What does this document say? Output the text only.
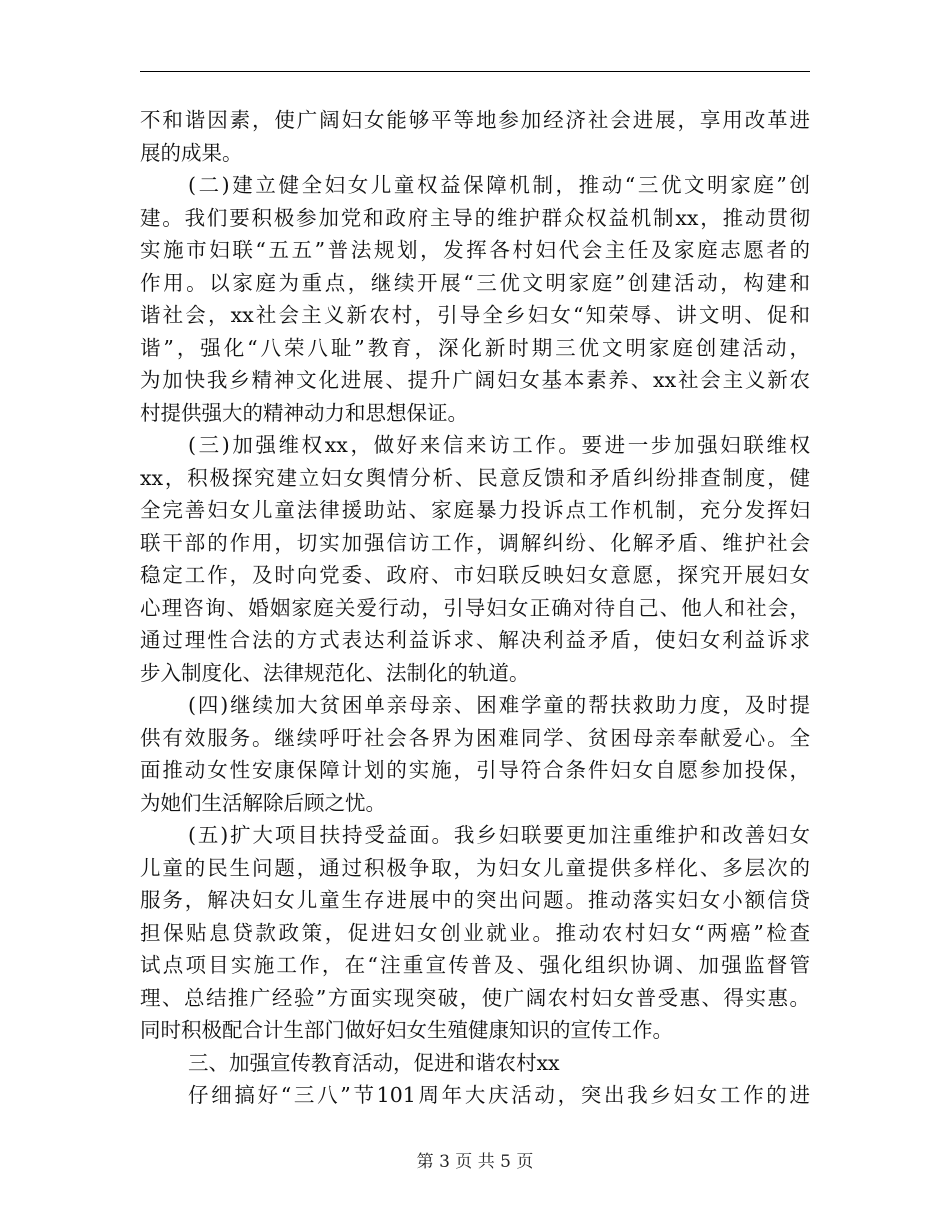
不和谐因素，使广阔妇女能够平等地参加经济社会进展，享用改革进
展的成果。
(二)建立健全妇女儿童权益保障机制，推动“三优文明家庭”创
建。我们要积极参加党和政府主导的维护群众权益机制xx，推动贯彻
实施市妇联“五五”普法规划，发挥各村妇代会主任及家庭志愿者的
作用。以家庭为重点，继续开展“三优文明家庭”创建活动，构建和
谐社会，xx社会主义新农村，引导全乡妇女“知荣辱、讲文明、促和
谐”，强化“八荣八耻”教育，深化新时期三优文明家庭创建活动，
为加快我乡精神文化进展、提升广阔妇女基本素养、xx社会主义新农
村提供强大的精神动力和思想保证。
(三)加强维权xx，做好来信来访工作。要进一步加强妇联维权
xx，积极探究建立妇女舆情分析、民意反馈和矛盾纠纷排查制度，健
全完善妇女儿童法律援助站、家庭暴力投诉点工作机制，充分发挥妇
联干部的作用，切实加强信访工作，调解纠纷、化解矛盾、维护社会
稳定工作，及时向党委、政府、市妇联反映妇女意愿，探究开展妇女
心理咨询、婚姻家庭关爱行动，引导妇女正确对待自己、他人和社会，
通过理性合法的方式表达利益诉求、解决利益矛盾，使妇女利益诉求
步入制度化、法律规范化、法制化的轨道。
(四)继续加大贫困单亲母亲、困难学童的帮扶救助力度，及时提
供有效服务。继续呼吁社会各界为困难同学、贫困母亲奉献爱心。全
面推动女性安康保障计划的实施，引导符合条件妇女自愿参加投保，
为她们生活解除后顾之忧。
(五)扩大项目扶持受益面。我乡妇联要更加注重维护和改善妇女
儿童的民生问题，通过积极争取，为妇女儿童提供多样化、多层次的
服务，解决妇女儿童生存进展中的突出问题。推动落实妇女小额信贷
担保贴息贷款政策，促进妇女创业就业。推动农村妇女“两癌”检查
试点项目实施工作，在“注重宣传普及、强化组织协调、加强监督管
理、总结推广经验”方面实现突破，使广阔农村妇女普受惠、得实惠。
同时积极配合计生部门做好妇女生殖健康知识的宣传工作。
三、加强宣传教育活动，促进和谐农村xx
仔细搞好“三八”节101周年大庆活动，突出我乡妇女工作的进
第 3 页 共 5 页
